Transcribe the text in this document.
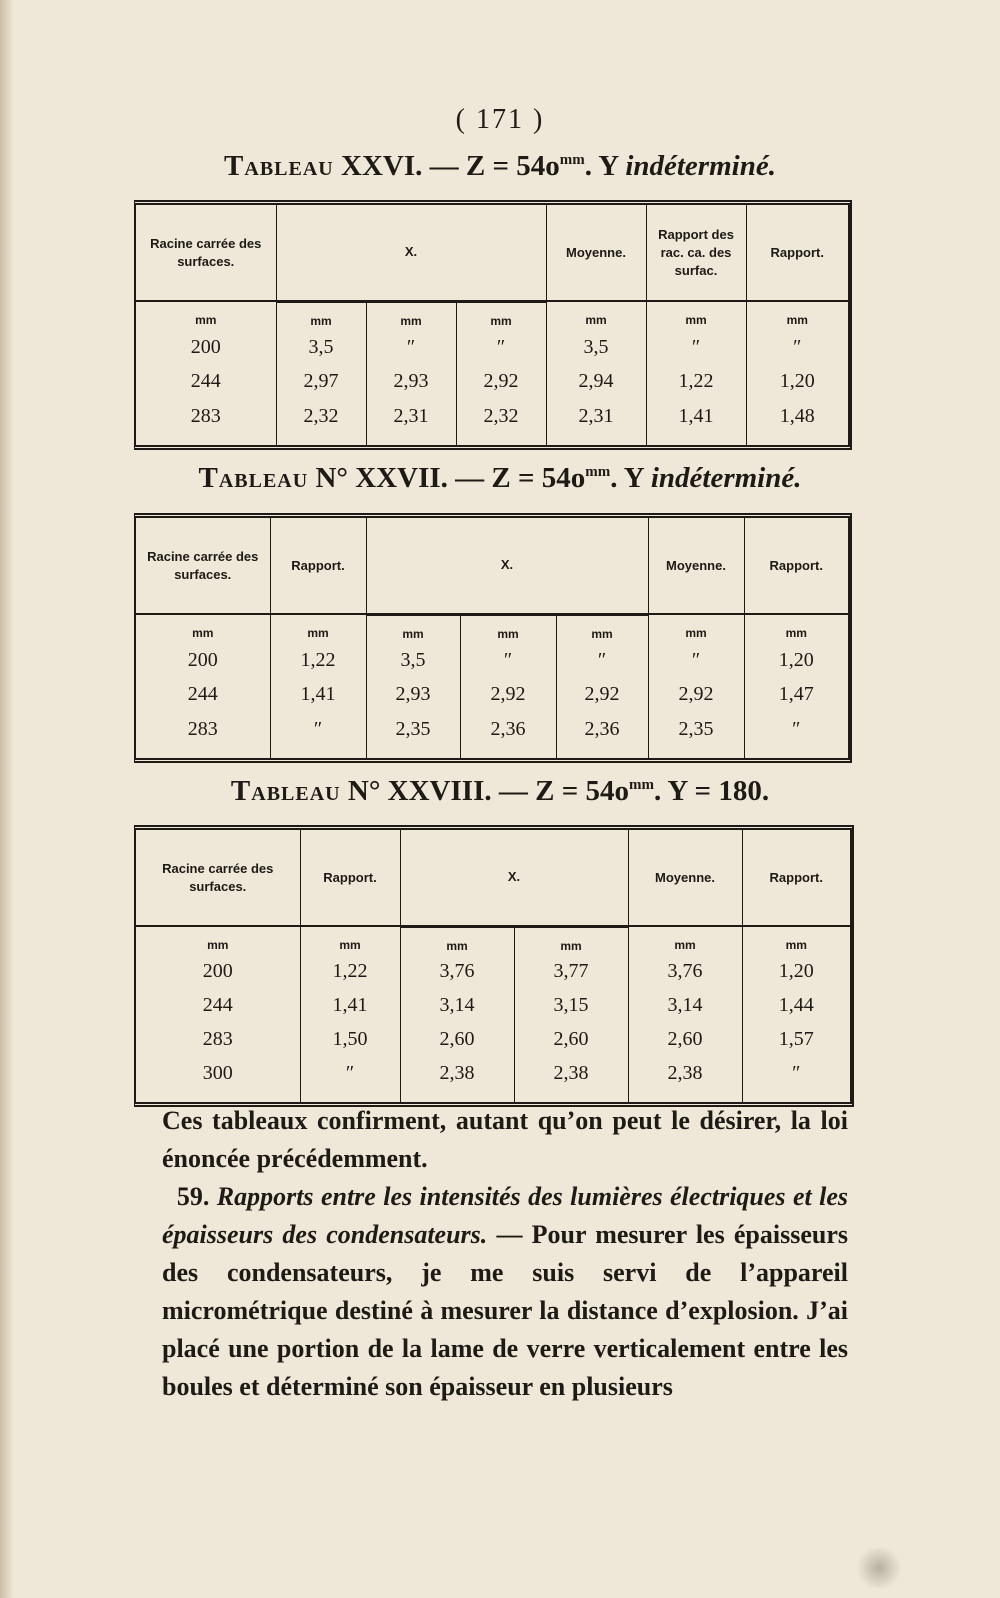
( 171 )
Tableau XXVI. — $Z = 54o^{mm}$. Y indéterminé.
Racine carrée des surfaces.	X.			Moyenne.	Rapport des rac. ca. des surfac.	Rapport.
mm	mm	mm	mm	mm	mm	mm
200	3,5	″	″	3,5	″	″
244	2,97	2,93	2,92	2,94	1,22	1,20
283	2,32	2,31	2,32	2,31	1,41	1,48
Tableau N° XXVII. — $Z = 54o^{mm}$. Y indéterminé.
Racine carrée des surfaces.	Rapport.	X.			Moyenne.	Rapport.
mm	mm	mm	mm	mm	mm	mm
200	1,22	3,5	″	″	″	1,20
244	1,41	2,93	2,92	2,92	2,92	1,47
283	″	2,35	2,36	2,36	2,35	″
Tableau N° XXVIII. — $Z = 54o^{mm}$. Y = 180.
Racine carrée des surfaces.	Rapport.	X.		Moyenne.	Rapport.
mm	mm	mm	mm	mm	mm
200	1,22	3,76	3,77	3,76	1,20
244	1,41	3,14	3,15	3,14	1,44
283	1,50	2,60	2,60	2,60	1,57
300	″	2,38	2,38	2,38	″

Ces tableaux confirment, autant qu’on peut le désirer, la loi énoncée précédemment.

59. Rapports entre les intensités des lumières électriques et les épaisseurs des condensateurs. — Pour mesurer les épaisseurs des condensateurs, je me suis servi de l’appareil micrométrique destiné à mesurer la distance d’explosion. J’ai placé une portion de la lame de verre verticalement entre les boules et déterminé son épaisseur en plusieurs
